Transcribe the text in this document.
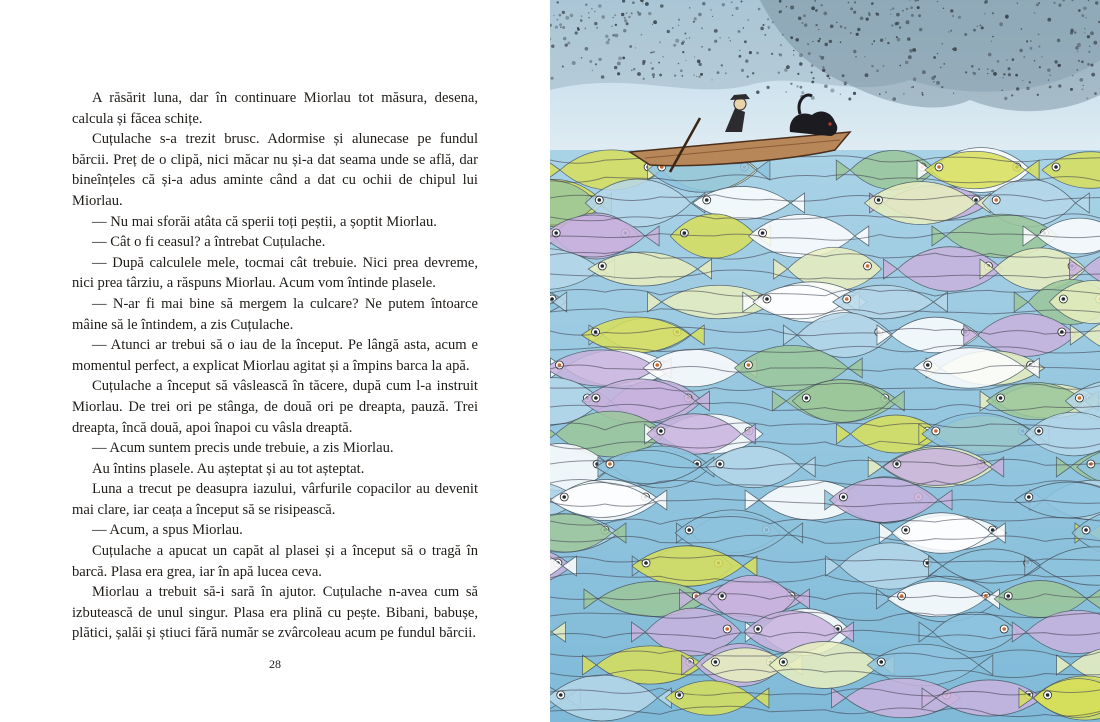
A răsărit luna, dar în continuare Miorlau tot măsura, desena, calcula și făcea schițe.

Cuțulache s-a trezit brusc. Adormise și alunecase pe fundul bărcii. Preț de o clipă, nici măcar nu și-a dat seama unde se află, dar bineînțeles că și-a adus aminte când a dat cu ochii de chipul lui Miorlau.

— Nu mai sforăi atâta că sperii toți peștii, a șoptit Miorlau.

— Cât o fi ceasul? a întrebat Cuțulache.

— După calculele mele, tocmai cât trebuie. Nici prea devreme, nici prea târziu, a răspuns Miorlau. Acum vom întinde plasele.

— N-ar fi mai bine să mergem la culcare? Ne putem întoarce mâine să le întindem, a zis Cuțulache.

— Atunci ar trebui să o iau de la început. Pe lângă asta, acum e momentul perfect, a explicat Miorlau agitat și a împins barca la apă.

Cuțulache a început să vâslească în tăcere, după cum l-a instruit Miorlau. De trei ori pe stânga, de două ori pe dreapta, pauză. Trei dreapta, încă două, apoi înapoi cu vâsla dreaptă.

— Acum suntem precis unde trebuie, a zis Miorlau.

Au întins plasele. Au așteptat și au tot așteptat.

Luna a trecut pe deasupra iazului, vârfurile copacilor au devenit mai clare, iar ceața a început să se risipească.

— Acum, a spus Miorlau.

Cuțulache a apucat un capăt al plasei și a început să o tragă în barcă. Plasa era grea, iar în apă lucea ceva.

Miorlau a trebuit să-i sară în ajutor. Cuțulache n-avea cum să izbutească de unul singur. Plasa era plină cu pește. Bibani, babușe, plătici, șalăi și știuci fără număr se zvârcoleau acum pe fundul bărcii.

28
